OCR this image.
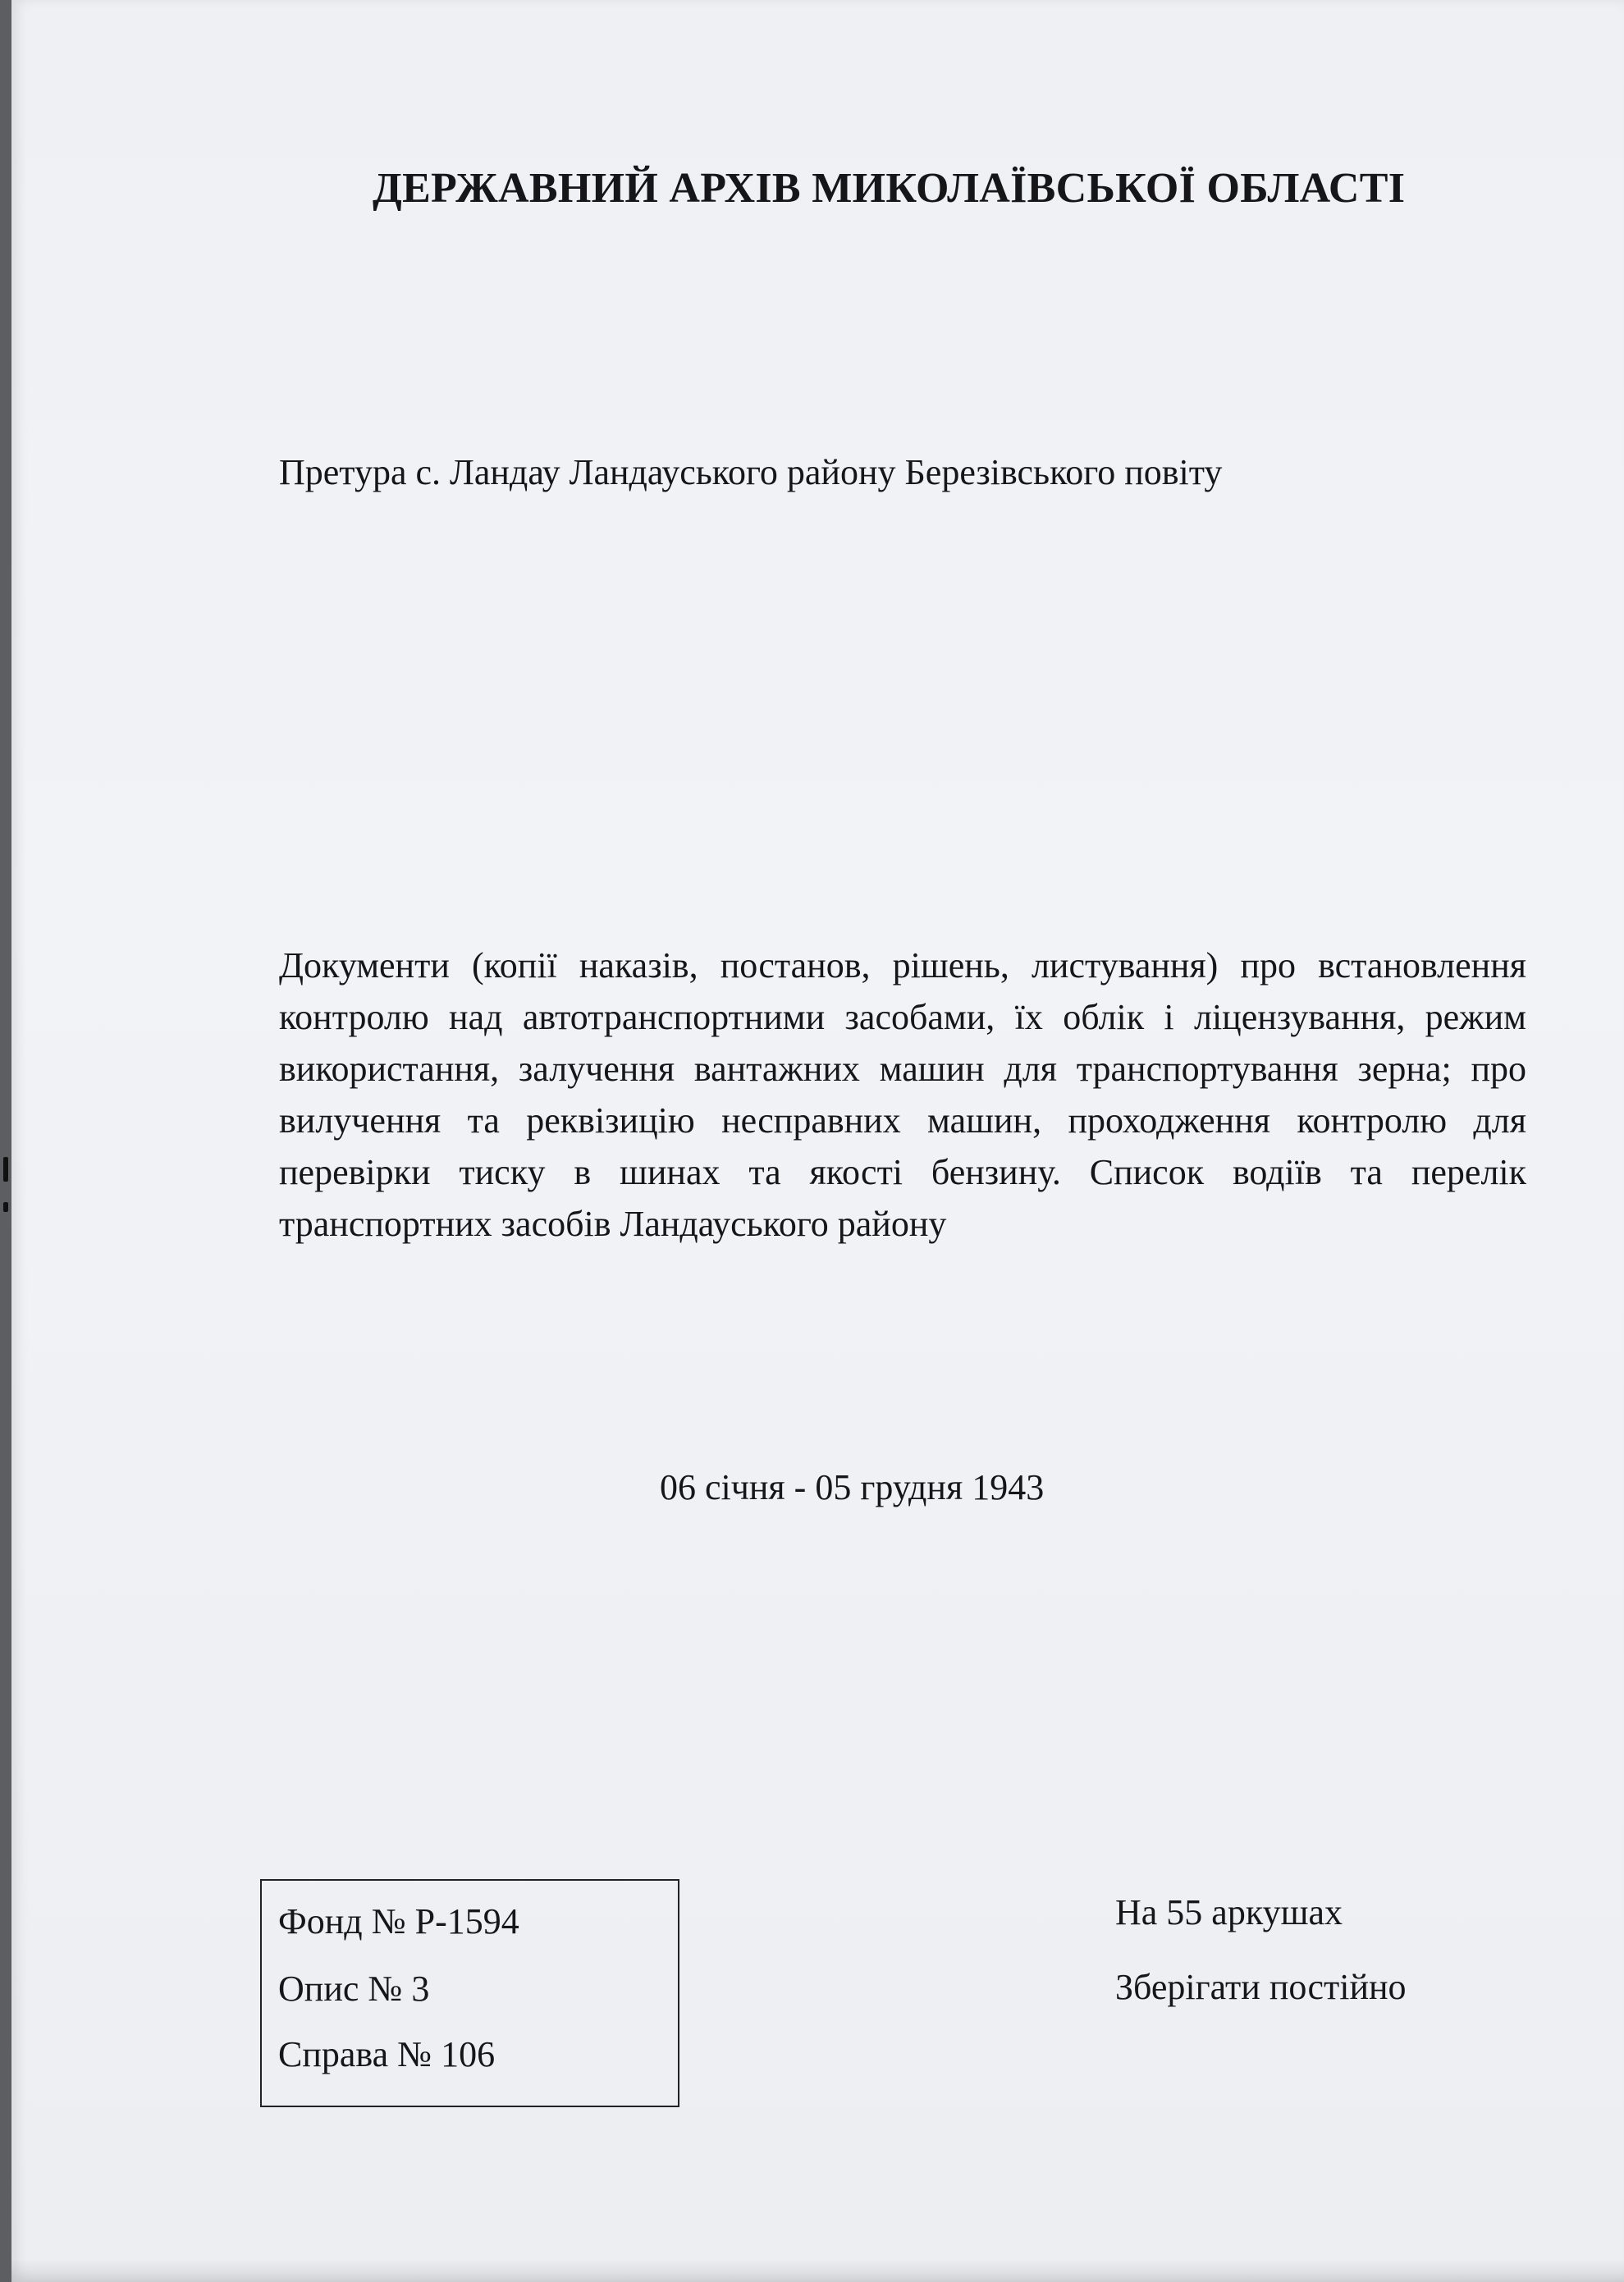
ДЕРЖАВНИЙ АРХІВ МИКОЛАЇВСЬКОЇ ОБЛАСТІ

Претура с. Ландау Ландауського району Березівського повіту

Документи (копії наказів, постанов, рішень, листування) про встановлення контролю над автотранспортними засобами, їх облік і ліцензування, режим використання, залучення вантажних машин для транспортування зерна; про вилучення та реквізицію несправних машин, проходження контролю для перевірки тиску в шинах та якості бензину. Список водіїв та перелік транспортних засобів Ландауського району

06 січня - 05 грудня 1943

Фонд № Р-1594

Опис № 3

Справа № 106

На 55 аркушах

Зберігати постійно
